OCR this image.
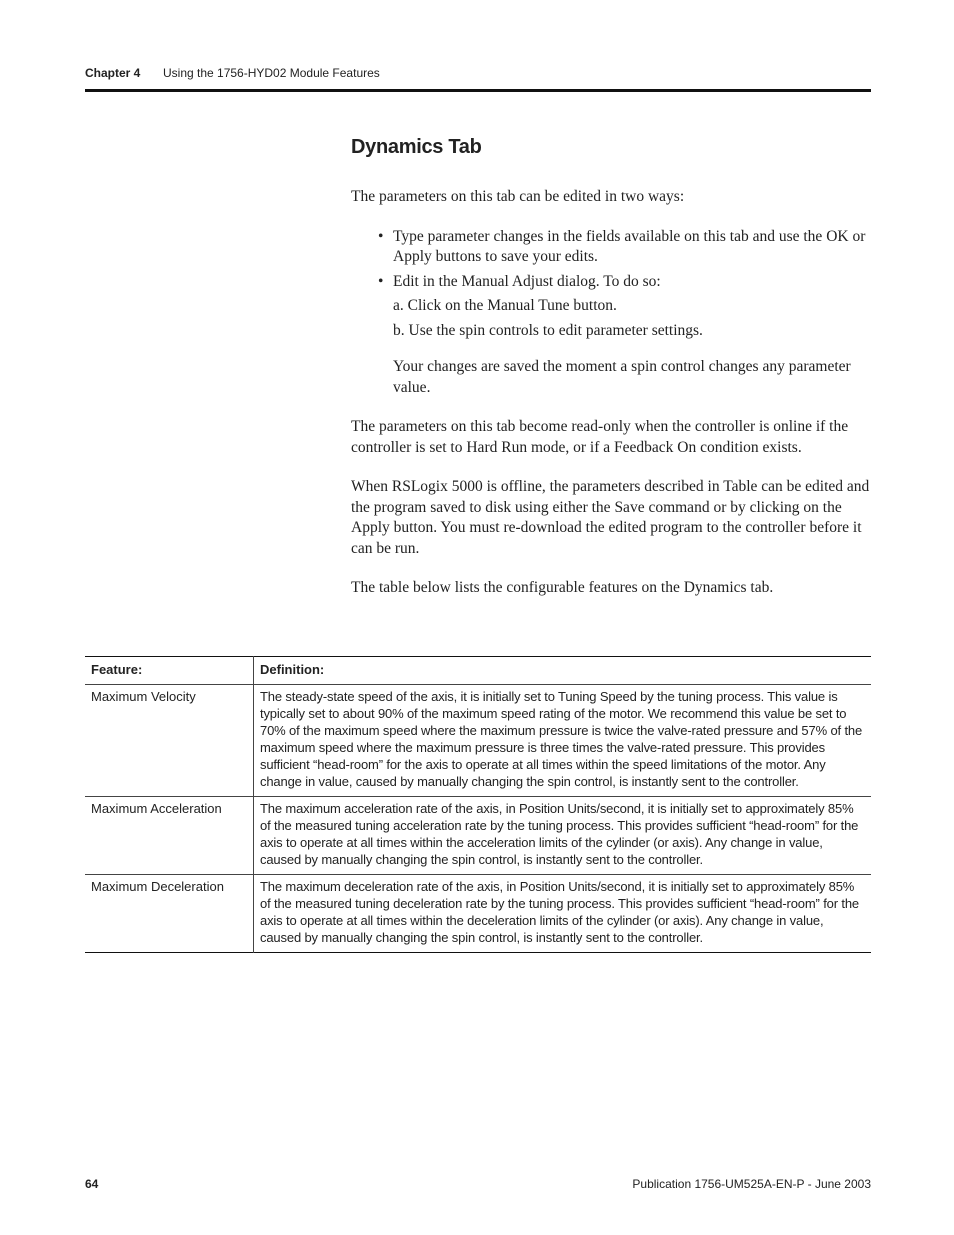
Chapter 4 Using the 1756-HYD02 Module Features
Dynamics Tab

The parameters on this tab can be edited in two ways:

• Type parameter changes in the fields available on this tab and use the OK or Apply buttons to save your edits.
• Edit in the Manual Adjust dialog. To do so:
a. Click on the Manual Tune button.
b. Use the spin controls to edit parameter settings.

Your changes are saved the moment a spin control changes any parameter value.

The parameters on this tab become read-only when the controller is online if the controller is set to Hard Run mode, or if a Feedback On condition exists.

When RSLogix 5000 is offline, the parameters described in Table can be edited and the program saved to disk using either the Save command or by clicking on the Apply button. You must re-download the edited program to the controller before it can be run.

The table below lists the configurable features on the Dynamics tab.

Feature:	Definition:
Maximum Velocity	The steady-state speed of the axis, it is initially set to Tuning Speed by the tuning process. This value is typically set to about 90% of the maximum speed rating of the motor. We recommend this value be set to 70% of the maximum speed where the maximum pressure is twice the valve-rated pressure and 57% of the maximum speed where the maximum pressure is three times the valve-rated pressure. This provides sufficient “head-room” for the axis to operate at all times within the speed limitations of the motor. Any change in value, caused by manually changing the spin control, is instantly sent to the controller.
Maximum Acceleration	The maximum acceleration rate of the axis, in Position Units/second, it is initially set to approximately 85% of the measured tuning acceleration rate by the tuning process. This provides sufficient “head-room” for the axis to operate at all times within the acceleration limits of the cylinder (or axis). Any change in value, caused by manually changing the spin control, is instantly sent to the controller.
Maximum Deceleration	The maximum deceleration rate of the axis, in Position Units/second, it is initially set to approximately 85% of the measured tuning deceleration rate by the tuning process. This provides sufficient “head-room” for the axis to operate at all times within the deceleration limits of the cylinder (or axis). Any change in value, caused by manually changing the spin control, is instantly sent to the controller.
64	Publication 1756-UM525A-EN-P - June 2003
